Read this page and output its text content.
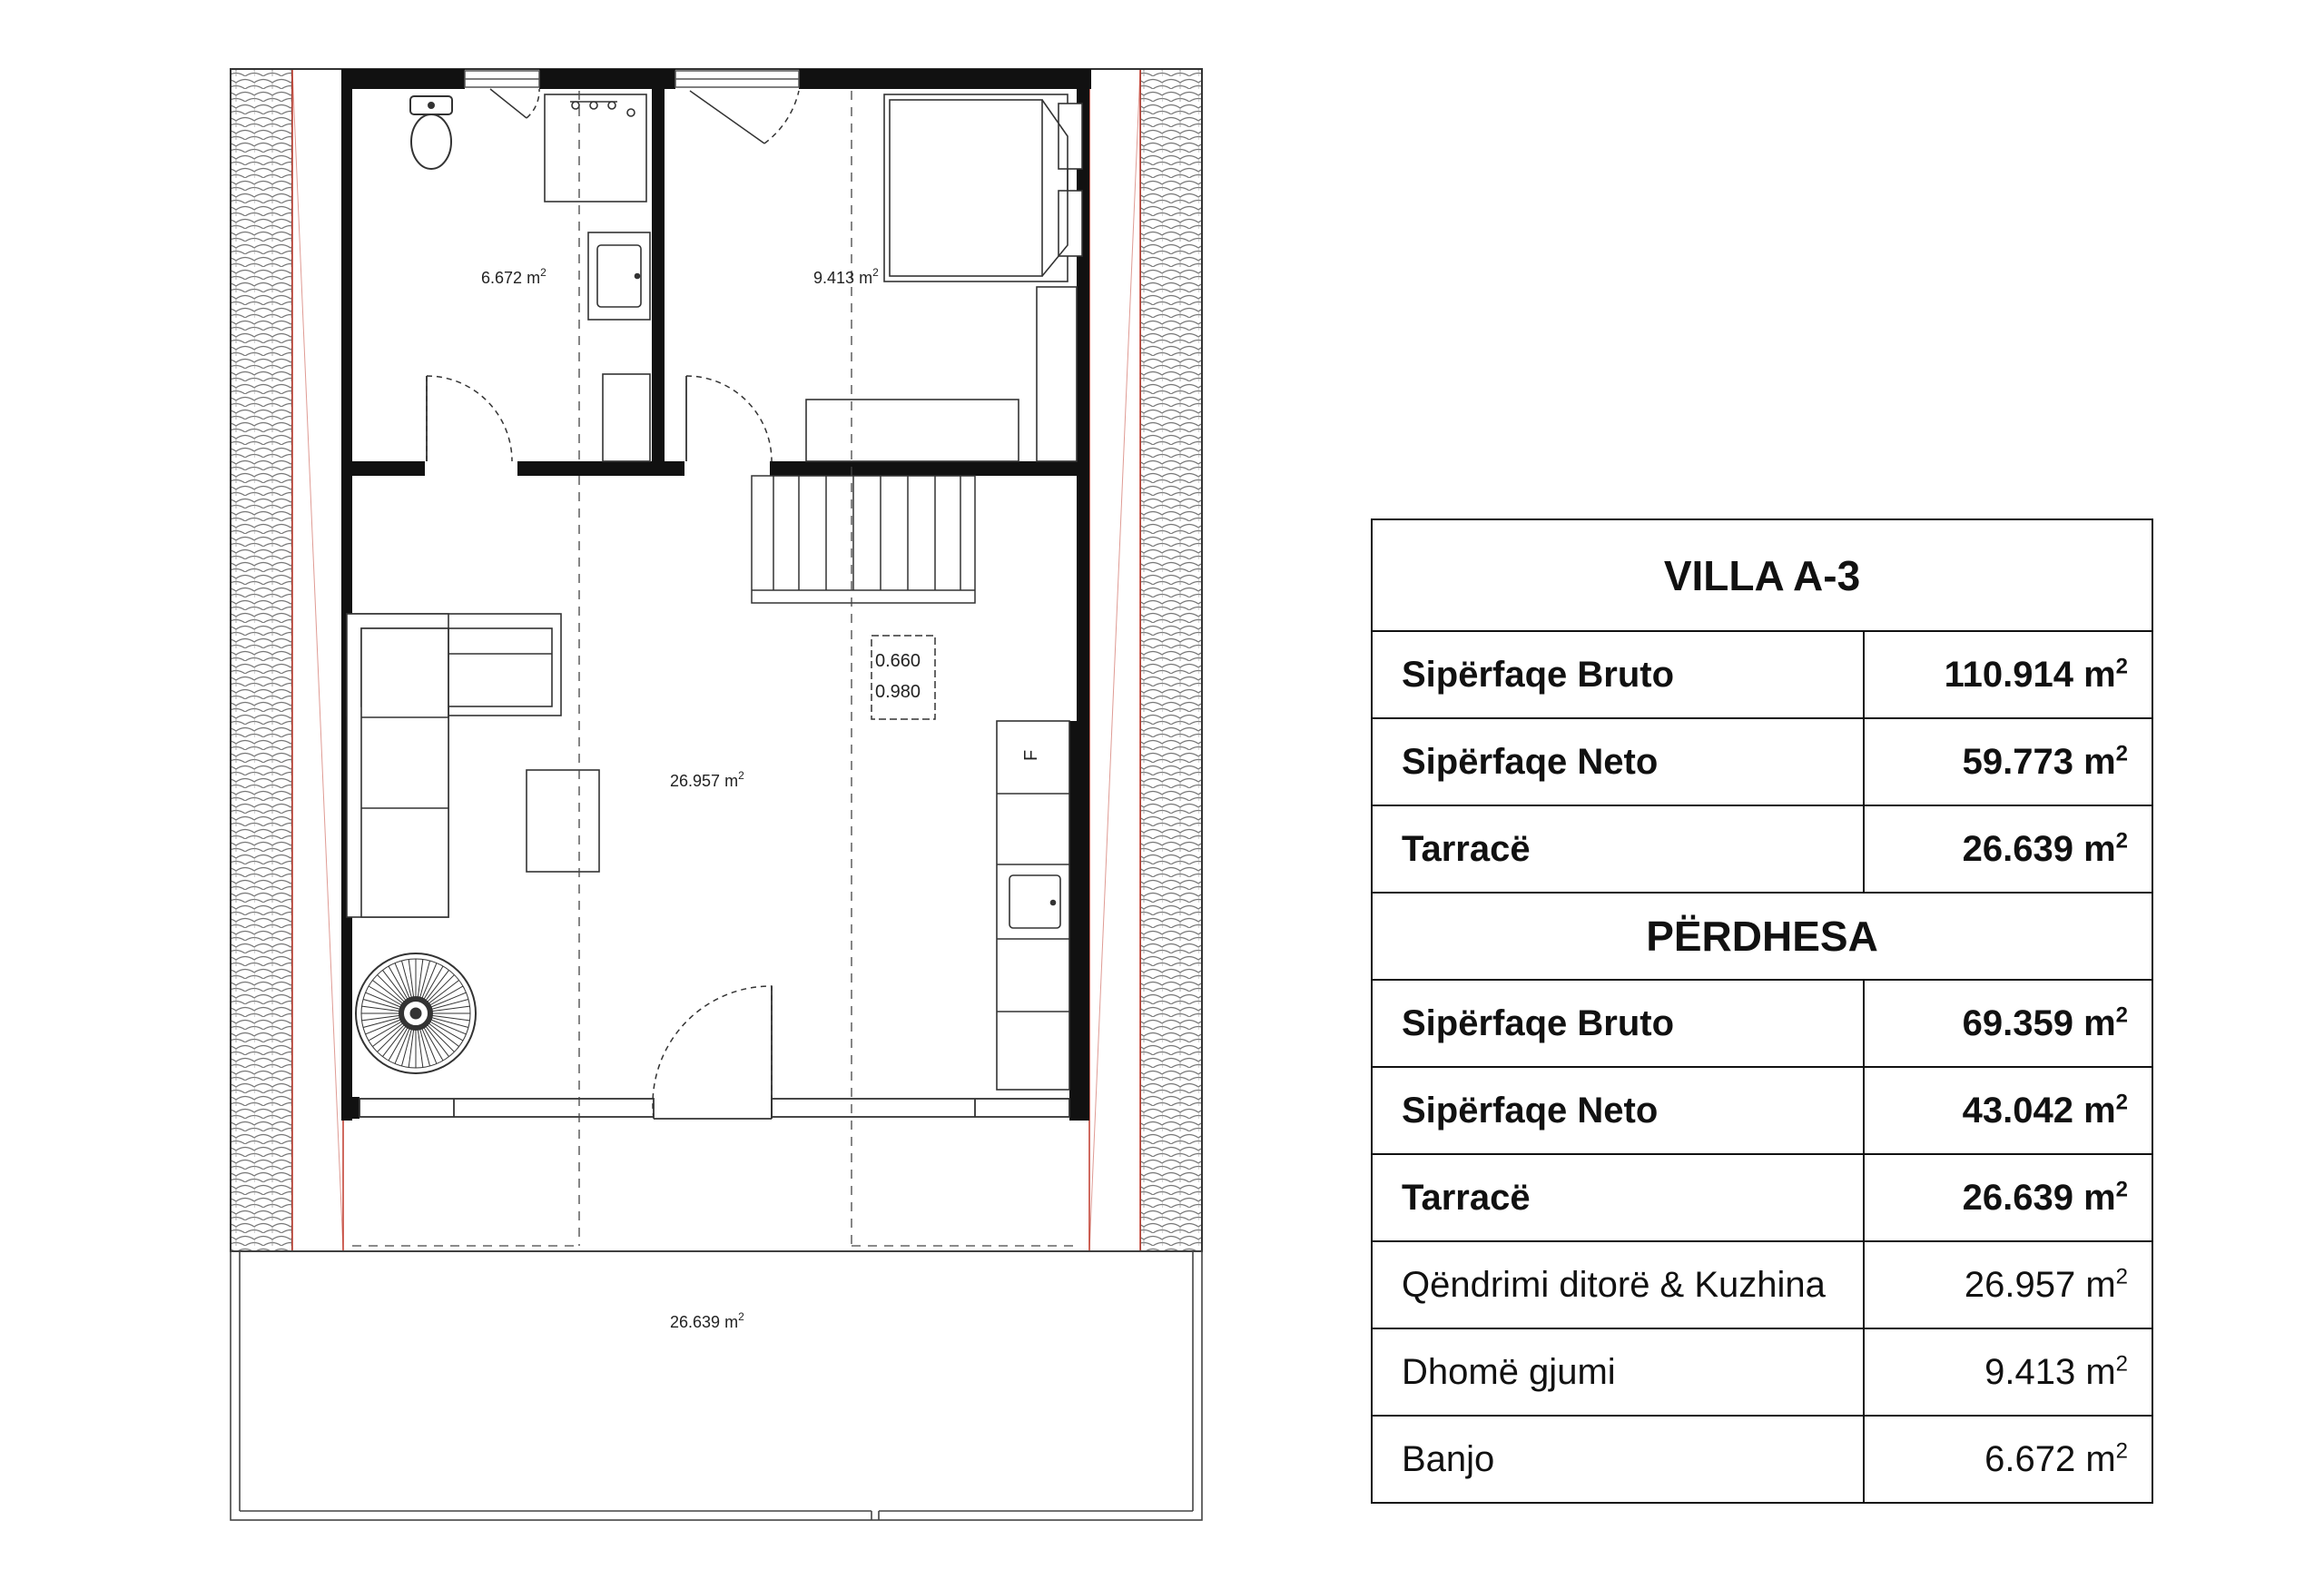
0.660
0.980
F
6.672 $m^2$	9.413 $m^2$
26.957 $m^2$
26.639 $m^2$
VILLA A-3	
Sipërfaqe Bruto	110.914 $m^2$
Sipërfaqe Neto	59.773 $m^2$
Tarracë	26.639 $m^2$
PËRDHESA	
Sipërfaqe Bruto	69.359 $m^2$
Sipërfaqe Neto	43.042 $m^2$
Tarracë	26.639 $m^2$
Qëndrimi ditorë & Kuzhina	26.957 $m^2$
Dhomë gjumi	9.413 $m^2$
Banjo	6.672 $m^2$
